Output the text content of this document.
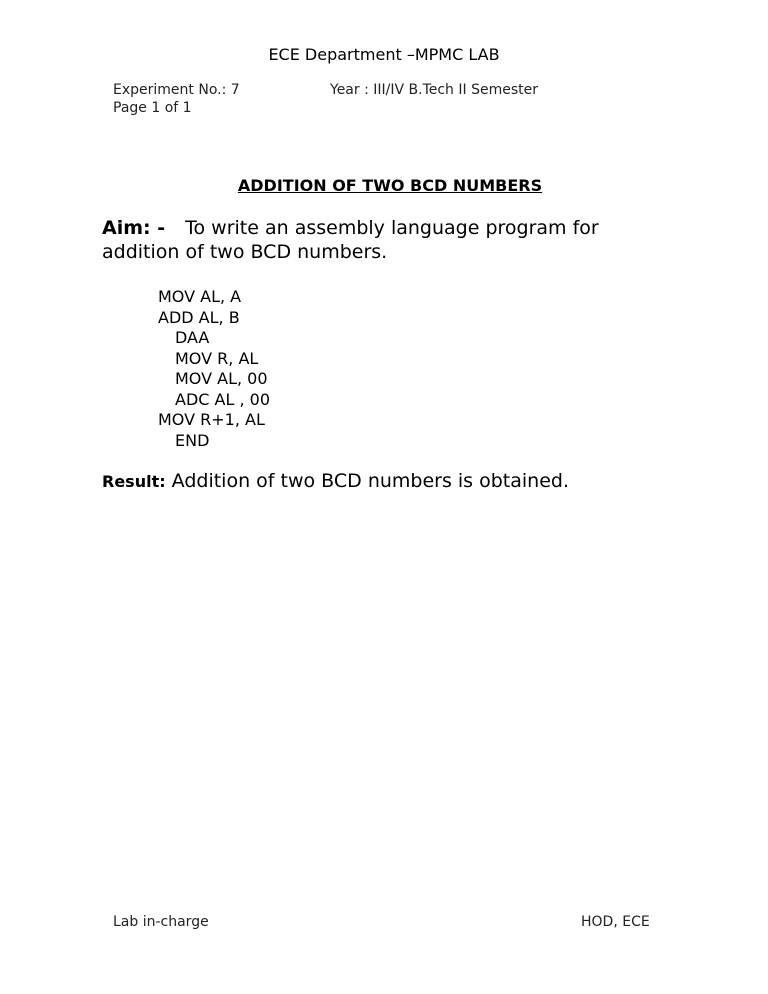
ECE Department –MPMC LAB
Experiment No.: 7	Year : III/IV B.Tech II Semester
Page 1 of 1
ADDITION OF TWO BCD NUMBERS
Aim: - To write an assembly language program for addition of two BCD numbers.
MOV AL, A
ADD AL, B
DAA
MOV R, AL
MOV AL, 00
ADC AL , 00
MOV R+1, AL
END
Result: Addition of two BCD numbers is obtained.
Lab in-charge	HOD, ECE
